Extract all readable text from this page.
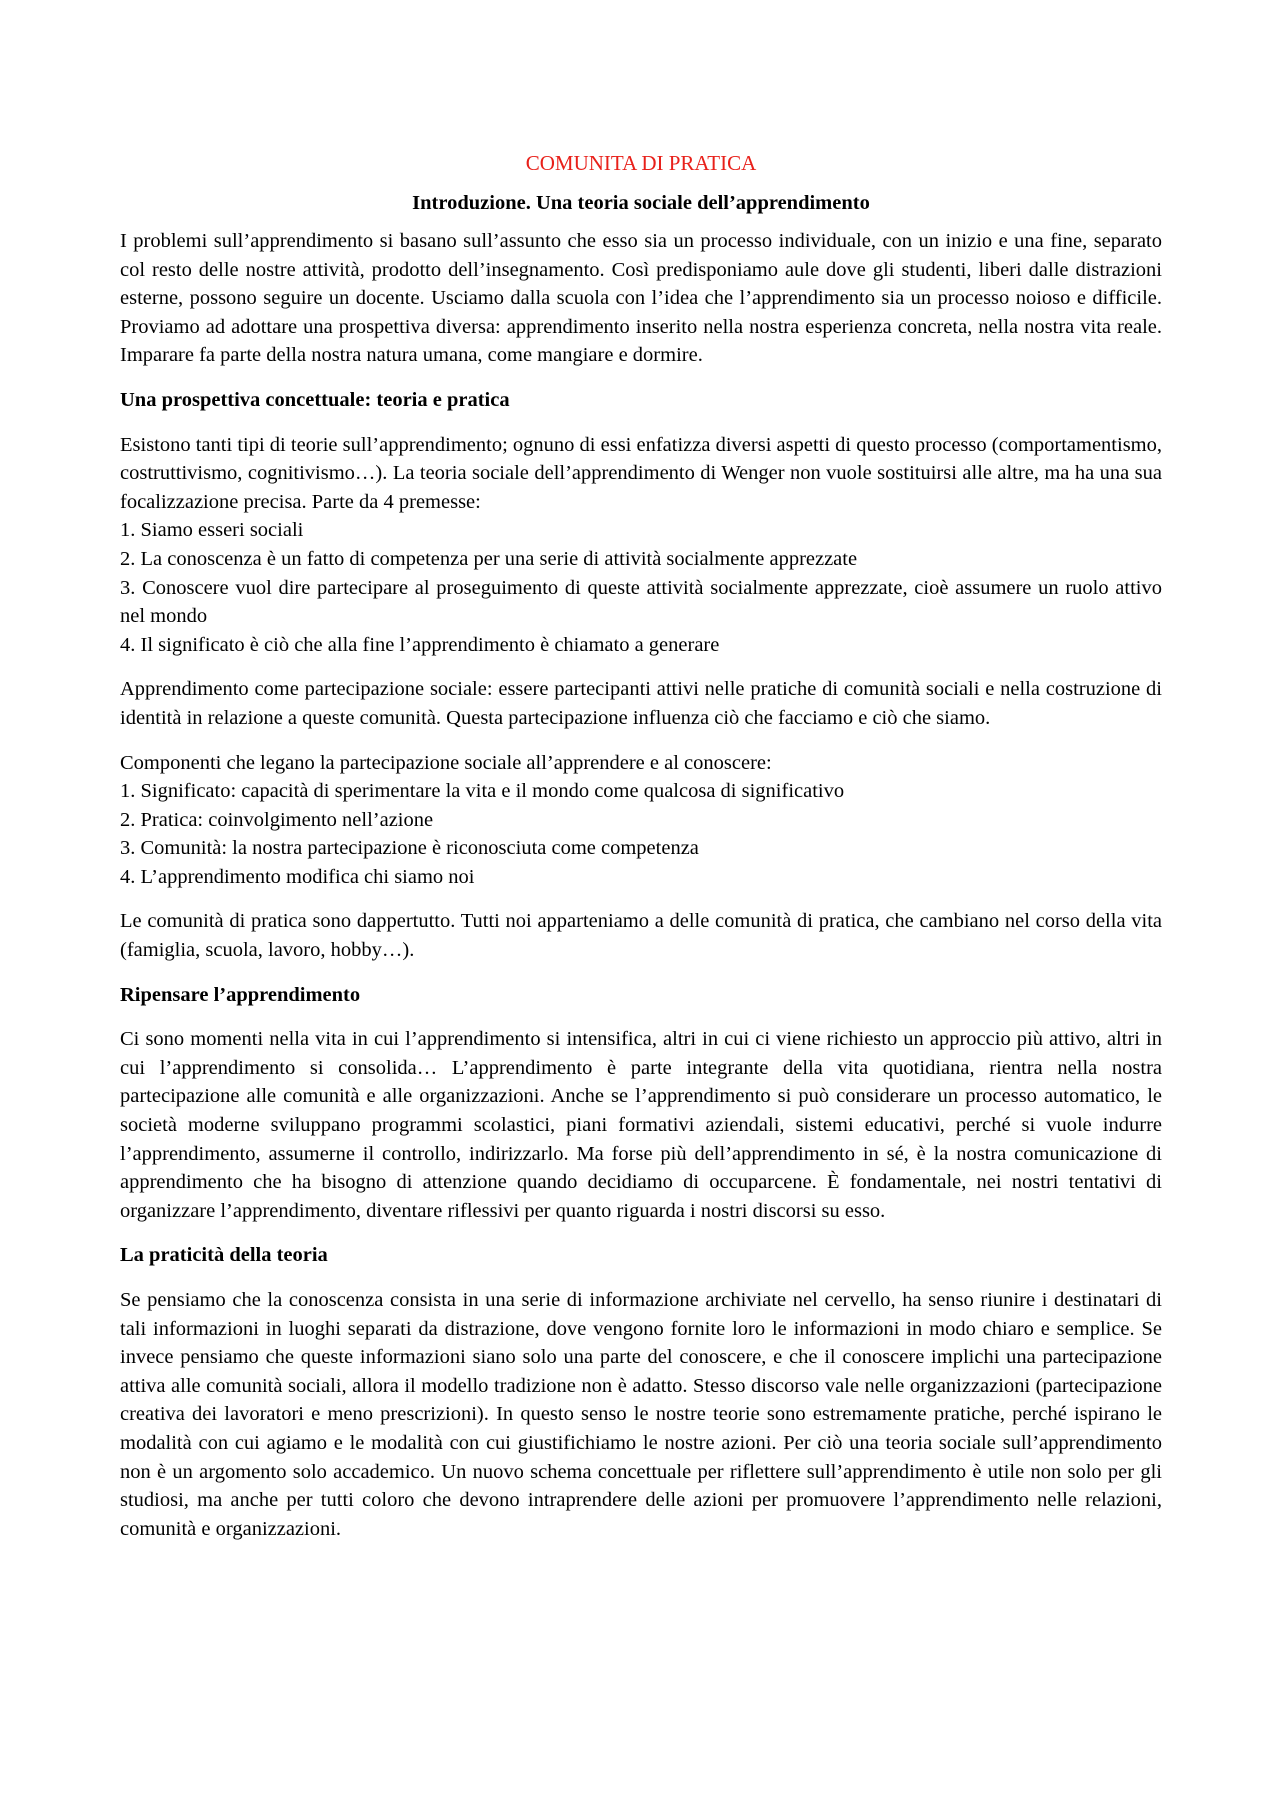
COMUNITA DI PRATICA
Introduzione. Una teoria sociale dell’apprendimento

I problemi sull’apprendimento si basano sull’assunto che esso sia un processo individuale, con un inizio e una fine, separato col resto delle nostre attività, prodotto dell’insegnamento. Così predisponiamo aule dove gli studenti, liberi dalle distrazioni esterne, possono seguire un docente. Usciamo dalla scuola con l’idea che l’apprendimento sia un processo noioso e difficile. Proviamo ad adottare una prospettiva diversa: apprendimento inserito nella nostra esperienza concreta, nella nostra vita reale. Imparare fa parte della nostra natura umana, come mangiare e dormire.

Una prospettiva concettuale: teoria e pratica

Esistono tanti tipi di teorie sull’apprendimento; ognuno di essi enfatizza diversi aspetti di questo processo (comportamentismo, costruttivismo, cognitivismo…). La teoria sociale dell’apprendimento di Wenger non vuole sostituirsi alle altre, ma ha una sua focalizzazione precisa. Parte da 4 premesse:

1. Siamo esseri sociali
2. La conoscenza è un fatto di competenza per una serie di attività socialmente apprezzate
3. Conoscere vuol dire partecipare al proseguimento di queste attività socialmente apprezzate, cioè assumere un ruolo attivo nel mondo
4. Il significato è ciò che alla fine l’apprendimento è chiamato a generare

Apprendimento come partecipazione sociale: essere partecipanti attivi nelle pratiche di comunità sociali e nella costruzione di identità in relazione a queste comunità. Questa partecipazione influenza ciò che facciamo e ciò che siamo.

Componenti che legano la partecipazione sociale all’apprendere e al conoscere:

1. Significato: capacità di sperimentare la vita e il mondo come qualcosa di significativo
2. Pratica: coinvolgimento nell’azione
3. Comunità: la nostra partecipazione è riconosciuta come competenza
4. L’apprendimento modifica chi siamo noi

Le comunità di pratica sono dappertutto. Tutti noi apparteniamo a delle comunità di pratica, che cambiano nel corso della vita (famiglia, scuola, lavoro, hobby…).

Ripensare l’apprendimento

Ci sono momenti nella vita in cui l’apprendimento si intensifica, altri in cui ci viene richiesto un approccio più attivo, altri in cui l’apprendimento si consolida… L’apprendimento è parte integrante della vita quotidiana, rientra nella nostra partecipazione alle comunità e alle organizzazioni. Anche se l’apprendimento si può considerare un processo automatico, le società moderne sviluppano programmi scolastici, piani formativi aziendali, sistemi educativi, perché si vuole indurre l’apprendimento, assumerne il controllo, indirizzarlo. Ma forse più dell’apprendimento in sé, è la nostra comunicazione di apprendimento che ha bisogno di attenzione quando decidiamo di occuparcene. È fondamentale, nei nostri tentativi di organizzare l’apprendimento, diventare riflessivi per quanto riguarda i nostri discorsi su esso.

La praticità della teoria

Se pensiamo che la conoscenza consista in una serie di informazione archiviate nel cervello, ha senso riunire i destinatari di tali informazioni in luoghi separati da distrazione, dove vengono fornite loro le informazioni in modo chiaro e semplice. Se invece pensiamo che queste informazioni siano solo una parte del conoscere, e che il conoscere implichi una partecipazione attiva alle comunità sociali, allora il modello tradizione non è adatto. Stesso discorso vale nelle organizzazioni (partecipazione creativa dei lavoratori e meno prescrizioni). In questo senso le nostre teorie sono estremamente pratiche, perché ispirano le modalità con cui agiamo e le modalità con cui giustifichiamo le nostre azioni. Per ciò una teoria sociale sull’apprendimento non è un argomento solo accademico. Un nuovo schema concettuale per riflettere sull’apprendimento è utile non solo per gli studiosi, ma anche per tutti coloro che devono intraprendere delle azioni per promuovere l’apprendimento nelle relazioni, comunità e organizzazioni.
